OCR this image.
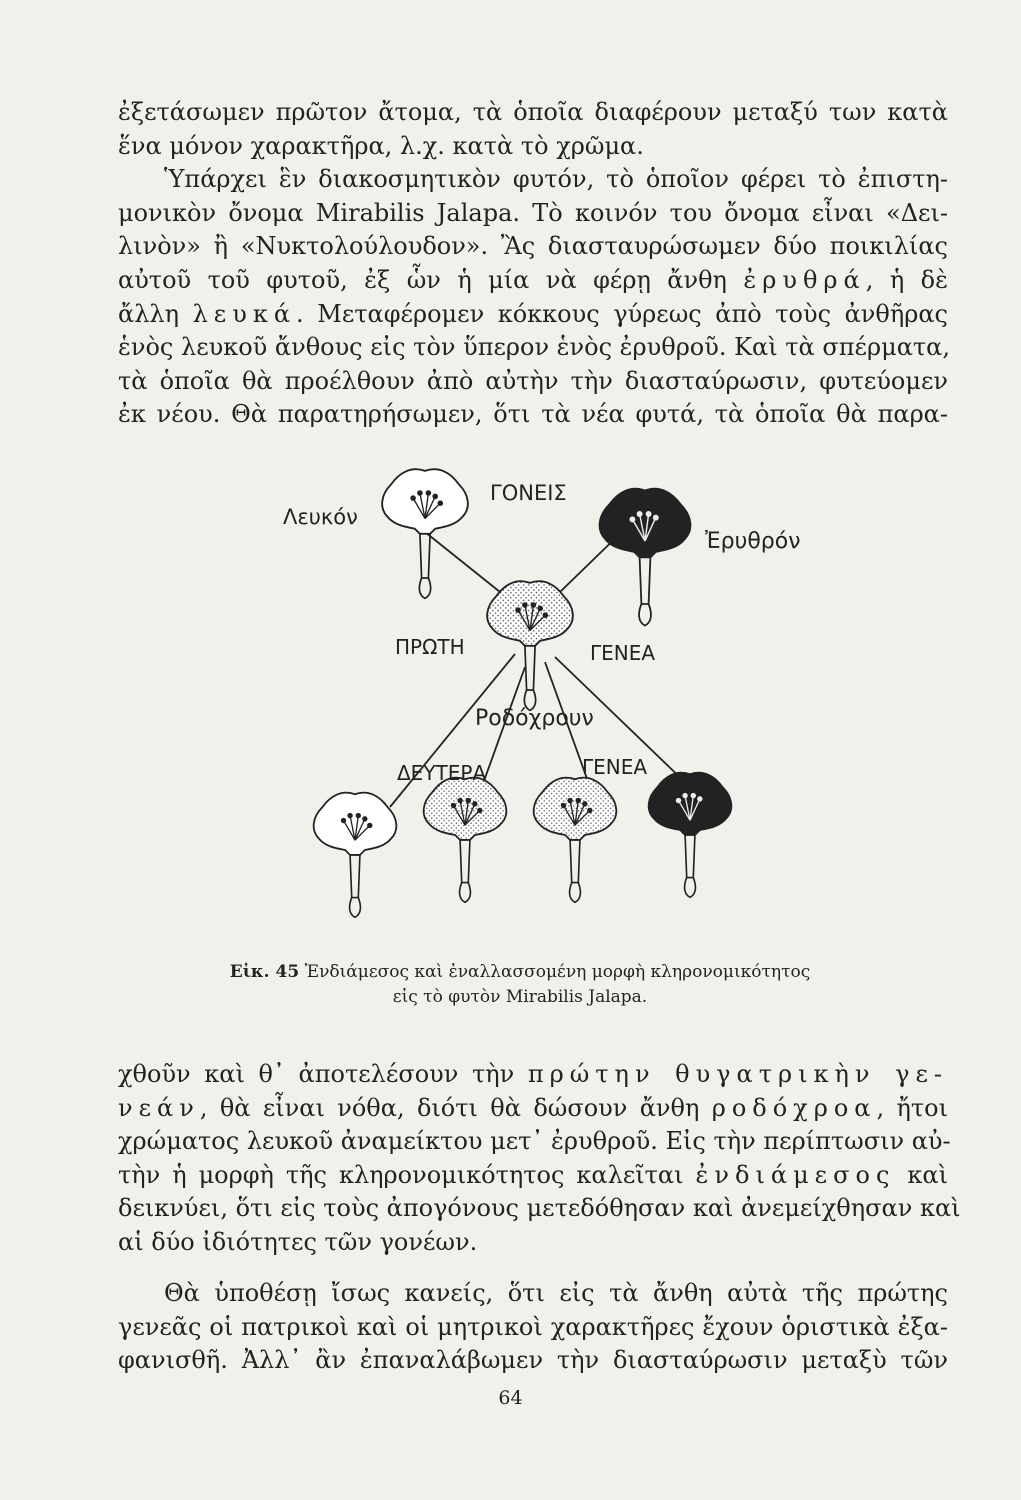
ἐξετάσωμεν πρῶτον ἄτομα, τὰ ὁποῖα διαφέρουν μεταξύ των κατὰ
ἕνα μόνον χαρακτῆρα, λ.χ. κατὰ τὸ χρῶμα.
Ὑπάρχει ἓν διακοσμητικὸν φυτόν, τὸ ὁποῖον φέρει τὸ ἐπιστη-
μονικὸν ὄνομα Mirabilis Jalapa. Τὸ κοινόν του ὄνομα εἶναι «Δει-
λινὸν» ἢ «Νυκτολούλουδον». Ἂς διασταυρώσωμεν δύο ποικιλίας
αὐτοῦ τοῦ φυτοῦ, ἐξ ὧν ἡ μία νὰ φέρῃ ἄνθη ἐρυθρά, ἡ δὲ
ἄλλη λευκά. Μεταφέρομεν κόκκους γύρεως ἀπὸ τοὺς ἀνθῆρας
ἑνὸς λευκοῦ ἄνθους εἰς τὸν ὕπερον ἑνὸς ἐρυθροῦ. Καὶ τὰ σπέρματα,
τὰ ὁποῖα θὰ προέλθουν ἀπὸ αὐτὴν τὴν διασταύρωσιν, φυτεύομεν
ἐκ νέου. Θὰ παρατηρήσωμεν, ὅτι τὰ νέα φυτά, τὰ ὁποῖα θὰ παρα-
Λευκόν
ΓΟΝΕΙΣ
Ἐρυθρόν
ΠΡΩΤΗ	ΓΕΝΕΑ
Ροδόχρουν
ΔΕΥΤΕΡΑ	ΓΕΝΕΑ
Εἰκ. 45 Ἐνδιάμεσος καὶ ἐναλλασσομένη μορφὴ κληρονομικότητος
εἰς τὸ φυτὸν Mirabilis Jalapa.
χθοῦν καὶ θ᾽ ἀποτελέσουν τὴν πρώτην θυγατρικὴν γε-
νεάν, θὰ εἶναι νόθα, διότι θὰ δώσουν ἄνθη ροδόχροα, ἤτοι
χρώματος λευκοῦ ἀναμείκτου μετ᾽ ἐρυθροῦ. Εἰς τὴν περίπτωσιν αὐ-
τὴν ἡ μορφὴ τῆς κληρονομικότητος καλεῖται ἐνδιάμεσος καὶ
δεικνύει, ὅτι εἰς τοὺς ἀπογόνους μετεδόθησαν καὶ ἀνεμείχθησαν καὶ
αἱ δύο ἰδιότητες τῶν γονέων.
Θὰ ὑποθέσῃ ἴσως κανείς, ὅτι εἰς τὰ ἄνθη αὐτὰ τῆς πρώτης
γενεᾶς οἱ πατρικοὶ καὶ οἱ μητρικοὶ χαρακτῆρες ἔχουν ὁριστικὰ ἐξα-
φανισθῆ. Ἀλλ᾽ ἂν ἐπαναλάβωμεν τὴν διασταύρωσιν μεταξὺ τῶν
64
